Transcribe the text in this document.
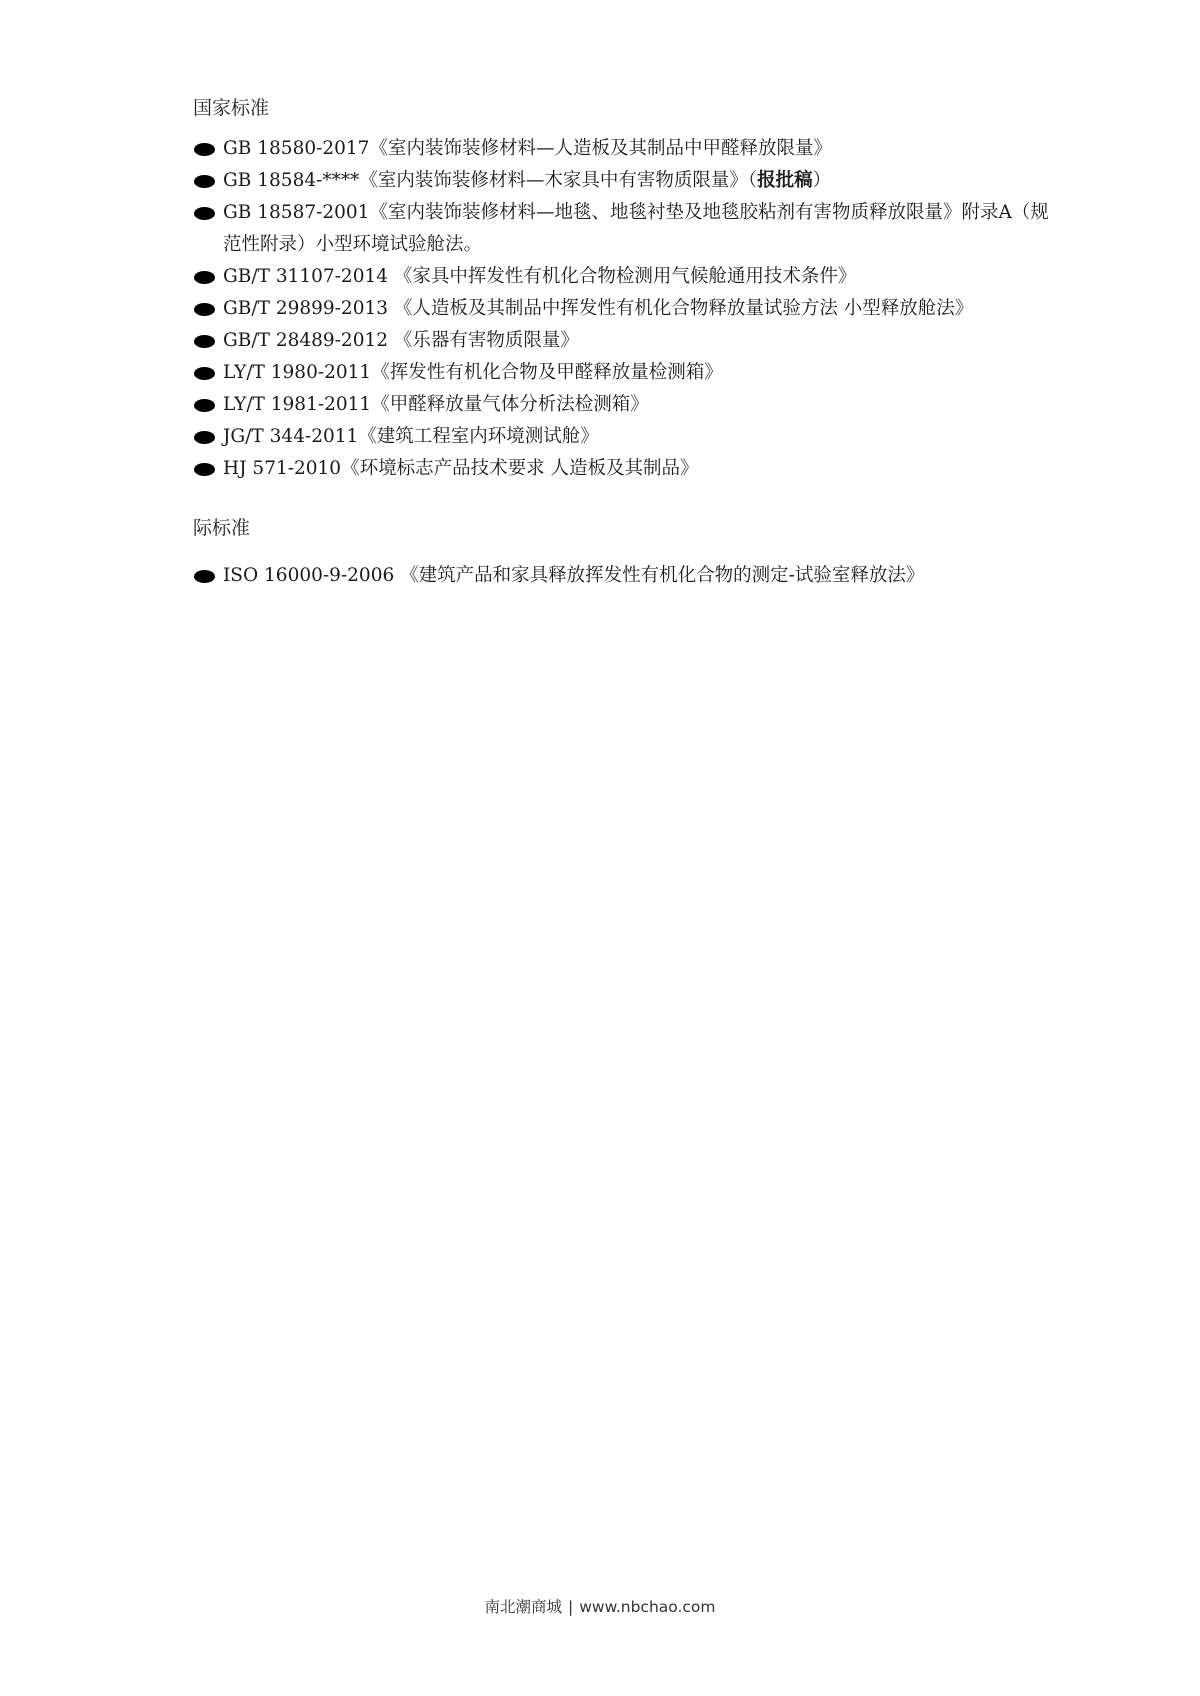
国家标准
GB 18580-2017《室内装饰装修材料—人造板及其制品中甲醛释放限量》
GB 18584-****《室内装饰装修材料—木家具中有害物质限量》（报批稿）
GB 18587-2001《室内装饰装修材料—地毯、地毯衬垫及地毯胶粘剂有害物质释放限量》附录A（规范性附录）小型环境试验舱法。
GB/T 31107-2014 《家具中挥发性有机化合物检测用气候舱通用技术条件》
GB/T 29899-2013 《人造板及其制品中挥发性有机化合物释放量试验方法 小型释放舱法》
GB/T 28489-2012 《乐器有害物质限量》
LY/T 1980-2011《挥发性有机化合物及甲醛释放量检测箱》
LY/T 1981-2011《甲醛释放量气体分析法检测箱》
JG/T 344-2011《建筑工程室内环境测试舱》
HJ 571-2010《环境标志产品技术要求 人造板及其制品》
际标准
ISO 16000-9-2006 《建筑产品和家具释放挥发性有机化合物的测定-试验室释放法》
南北潮商城 | www.nbchao.com
